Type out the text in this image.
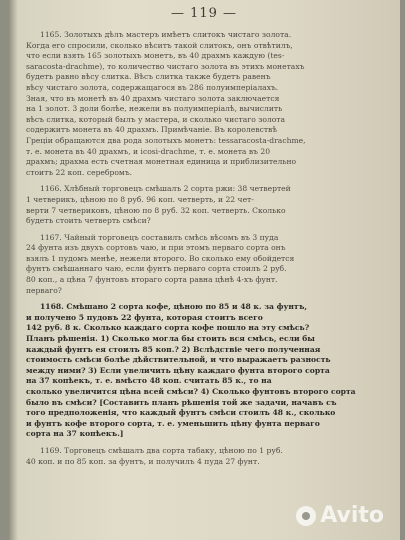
— 119 —
1165. Золотыхъ дѣлъ мастеръ имѣетъ слитокъ чистаго золота.
Когда его спросили, сколько вѣситъ такой слитокъ, онъ отвѣтилъ,
что если взять 165 золотыхъ монетъ, въ 40 драхмъ каждую (tes-
saracosta-drachme), то количество чистаго золота въ этихъ монетахъ
будетъ равно вѣсу слитка. Вѣсъ слитка также будетъ равенъ
вѣсу чистаго золота, содержащагося въ 286 полуимперіалахъ.
Зная, что въ монетѣ въ 40 драхмъ чистаго золота заключается
на 1 золот. 3 доли болѣе, нежели въ полуимперіалѣ, вычислить
вѣсъ слитка, который былъ у мастера, и сколько чистаго золота
содержитъ монета въ 40 драхмъ. Примѣчаніе. Въ королевствѣ
Греціи обращаются два рода золотыхъ монетъ: tessaracosta-drachme,
т. е. монета въ 40 драхмъ, и icosi-drachme, т. е. монета въ 20
драхмъ; драхма есть счетная монетная единица и приблизительно
стоитъ 22 коп. серебромъ.
1166. Хлѣбный торговецъ смѣшалъ 2 сорта ржи: 38 четвертей
1 четверикъ, цѣною по 8 руб. 96 коп. четверть, и 22 чет-
верти 7 четвериковъ, цѣною по 8 руб. 32 коп. четверть. Сколько
будетъ стоить четверть смѣси?
1167. Чайный торговецъ составилъ смѣсь вѣсомъ въ 3 пуда
24 фунта изъ двухъ сортовъ чаю, и при этомъ перваго сорта онъ
взялъ 1 пудомъ менѣе, нежели второго. Во сколько ему обойдется
фунтъ смѣшаннаго чаю, если фунтъ перваго сорта стоилъ 2 руб.
80 коп., а цѣна 7 фунтовъ втораго сорта равна цѣнѣ 4-хъ фунт.
перваго?
1168. Смѣшано 2 сорта кофе, цѣною по 85 и 48 к. за фунтъ,
и получено 5 пудовъ 22 фунта, которая стоитъ всего
142 руб. 8 к. Сколько каждаго сорта кофе пошло на эту смѣсь?
Планъ рѣшенія. 1) Сколько могла бы стоить вся смѣсь, если бы
каждый фунтъ ея стоилъ 85 коп.? 2) Вслѣдствіе чего полученная
стоимость смѣси болѣе дѣйствительной, и что выражаетъ разность
между ними? 3) Если увеличить цѣну каждаго фунта второго сорта
на 37 копѣекъ, т. е. вмѣсто 48 коп. считать 85 к., то на
сколько увеличится цѣна всей смѣси? 4) Сколько фунтовъ второго сорта
было въ смѣси? [Составить планъ рѣшенія той же задачи, начавъ съ
того предположенія, что каждый фунтъ смѣси стоилъ 48 к., сколько
и фунтъ кофе второго сорта, т. е. уменьшить цѣну фунта перваго
сорта на 37 копѣекъ.]
1169. Торговецъ смѣшалъ два сорта табаку, цѣною по 1 руб.
40 коп. и по 85 коп. за фунтъ, и получилъ 4 пуда 27 фунт.
Avito
